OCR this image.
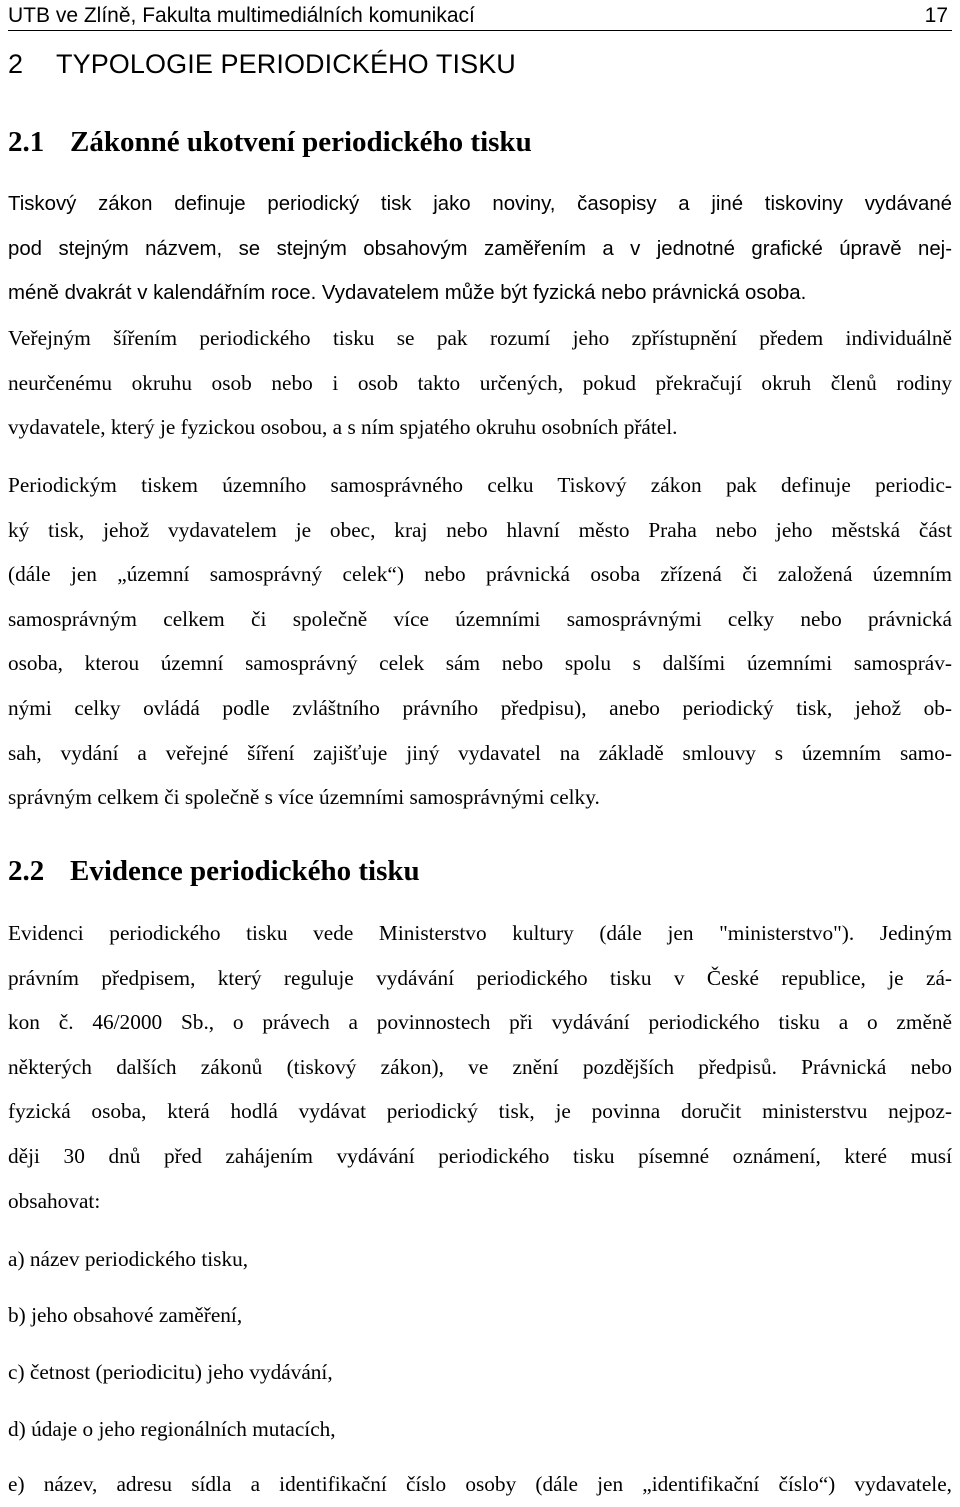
UTB ve Zlíně, Fakulta multimediálních komunikací	17
2 TYPOLOGIE PERIODICKÉHO TISKU
2.1 Zákonné ukotvení periodického tisku
Tiskový zákon definuje periodický tisk jako noviny, časopisy a jiné tiskoviny vydávané
pod stejným názvem, se stejným obsahovým zaměřením a v jednotné grafické úpravě nej-
méně dvakrát v kalendářním roce. Vydavatelem může být fyzická nebo právnická osoba.
Veřejným šířením periodického tisku se pak rozumí jeho zpřístupnění předem individuálně
neurčenému okruhu osob nebo i osob takto určených, pokud překračují okruh členů rodiny
vydavatele, který je fyzickou osobou, a s ním spjatého okruhu osobních přátel.
Periodickým tiskem územního samosprávného celku Tiskový zákon pak definuje periodic-
ký tisk, jehož vydavatelem je obec, kraj nebo hlavní město Praha nebo jeho městská část
(dále jen „územní samosprávný celek“) nebo právnická osoba zřízená či založená územním
samosprávným celkem či společně více územními samosprávnými celky nebo právnická
osoba, kterou územní samosprávný celek sám nebo spolu s dalšími územními samospráv-
nými celky ovládá podle zvláštního právního předpisu), anebo periodický tisk, jehož ob-
sah, vydání a veřejné šíření zajišťuje jiný vydavatel na základě smlouvy s územním samo-
správným celkem či společně s více územními samosprávnými celky.
2.2 Evidence periodického tisku
Evidenci periodického tisku vede Ministerstvo kultury (dále jen "ministerstvo"). Jediným
právním předpisem, který reguluje vydávání periodického tisku v České republice, je zá-
kon č. 46/2000 Sb., o právech a povinnostech při vydávání periodického tisku a o změně
některých dalších zákonů (tiskový zákon), ve znění pozdějších předpisů. Právnická nebo
fyzická osoba, která hodlá vydávat periodický tisk, je povinna doručit ministerstvu nejpoz-
ději 30 dnů před zahájením vydávání periodického tisku písemné oznámení, které musí
obsahovat:
a) název periodického tisku,
b) jeho obsahové zaměření,
c) četnost (periodicitu) jeho vydávání,
d) údaje o jeho regionálních mutacích,
e) název, adresu sídla a identifikační číslo osoby (dále jen „identifikační číslo“) vydavatele,
